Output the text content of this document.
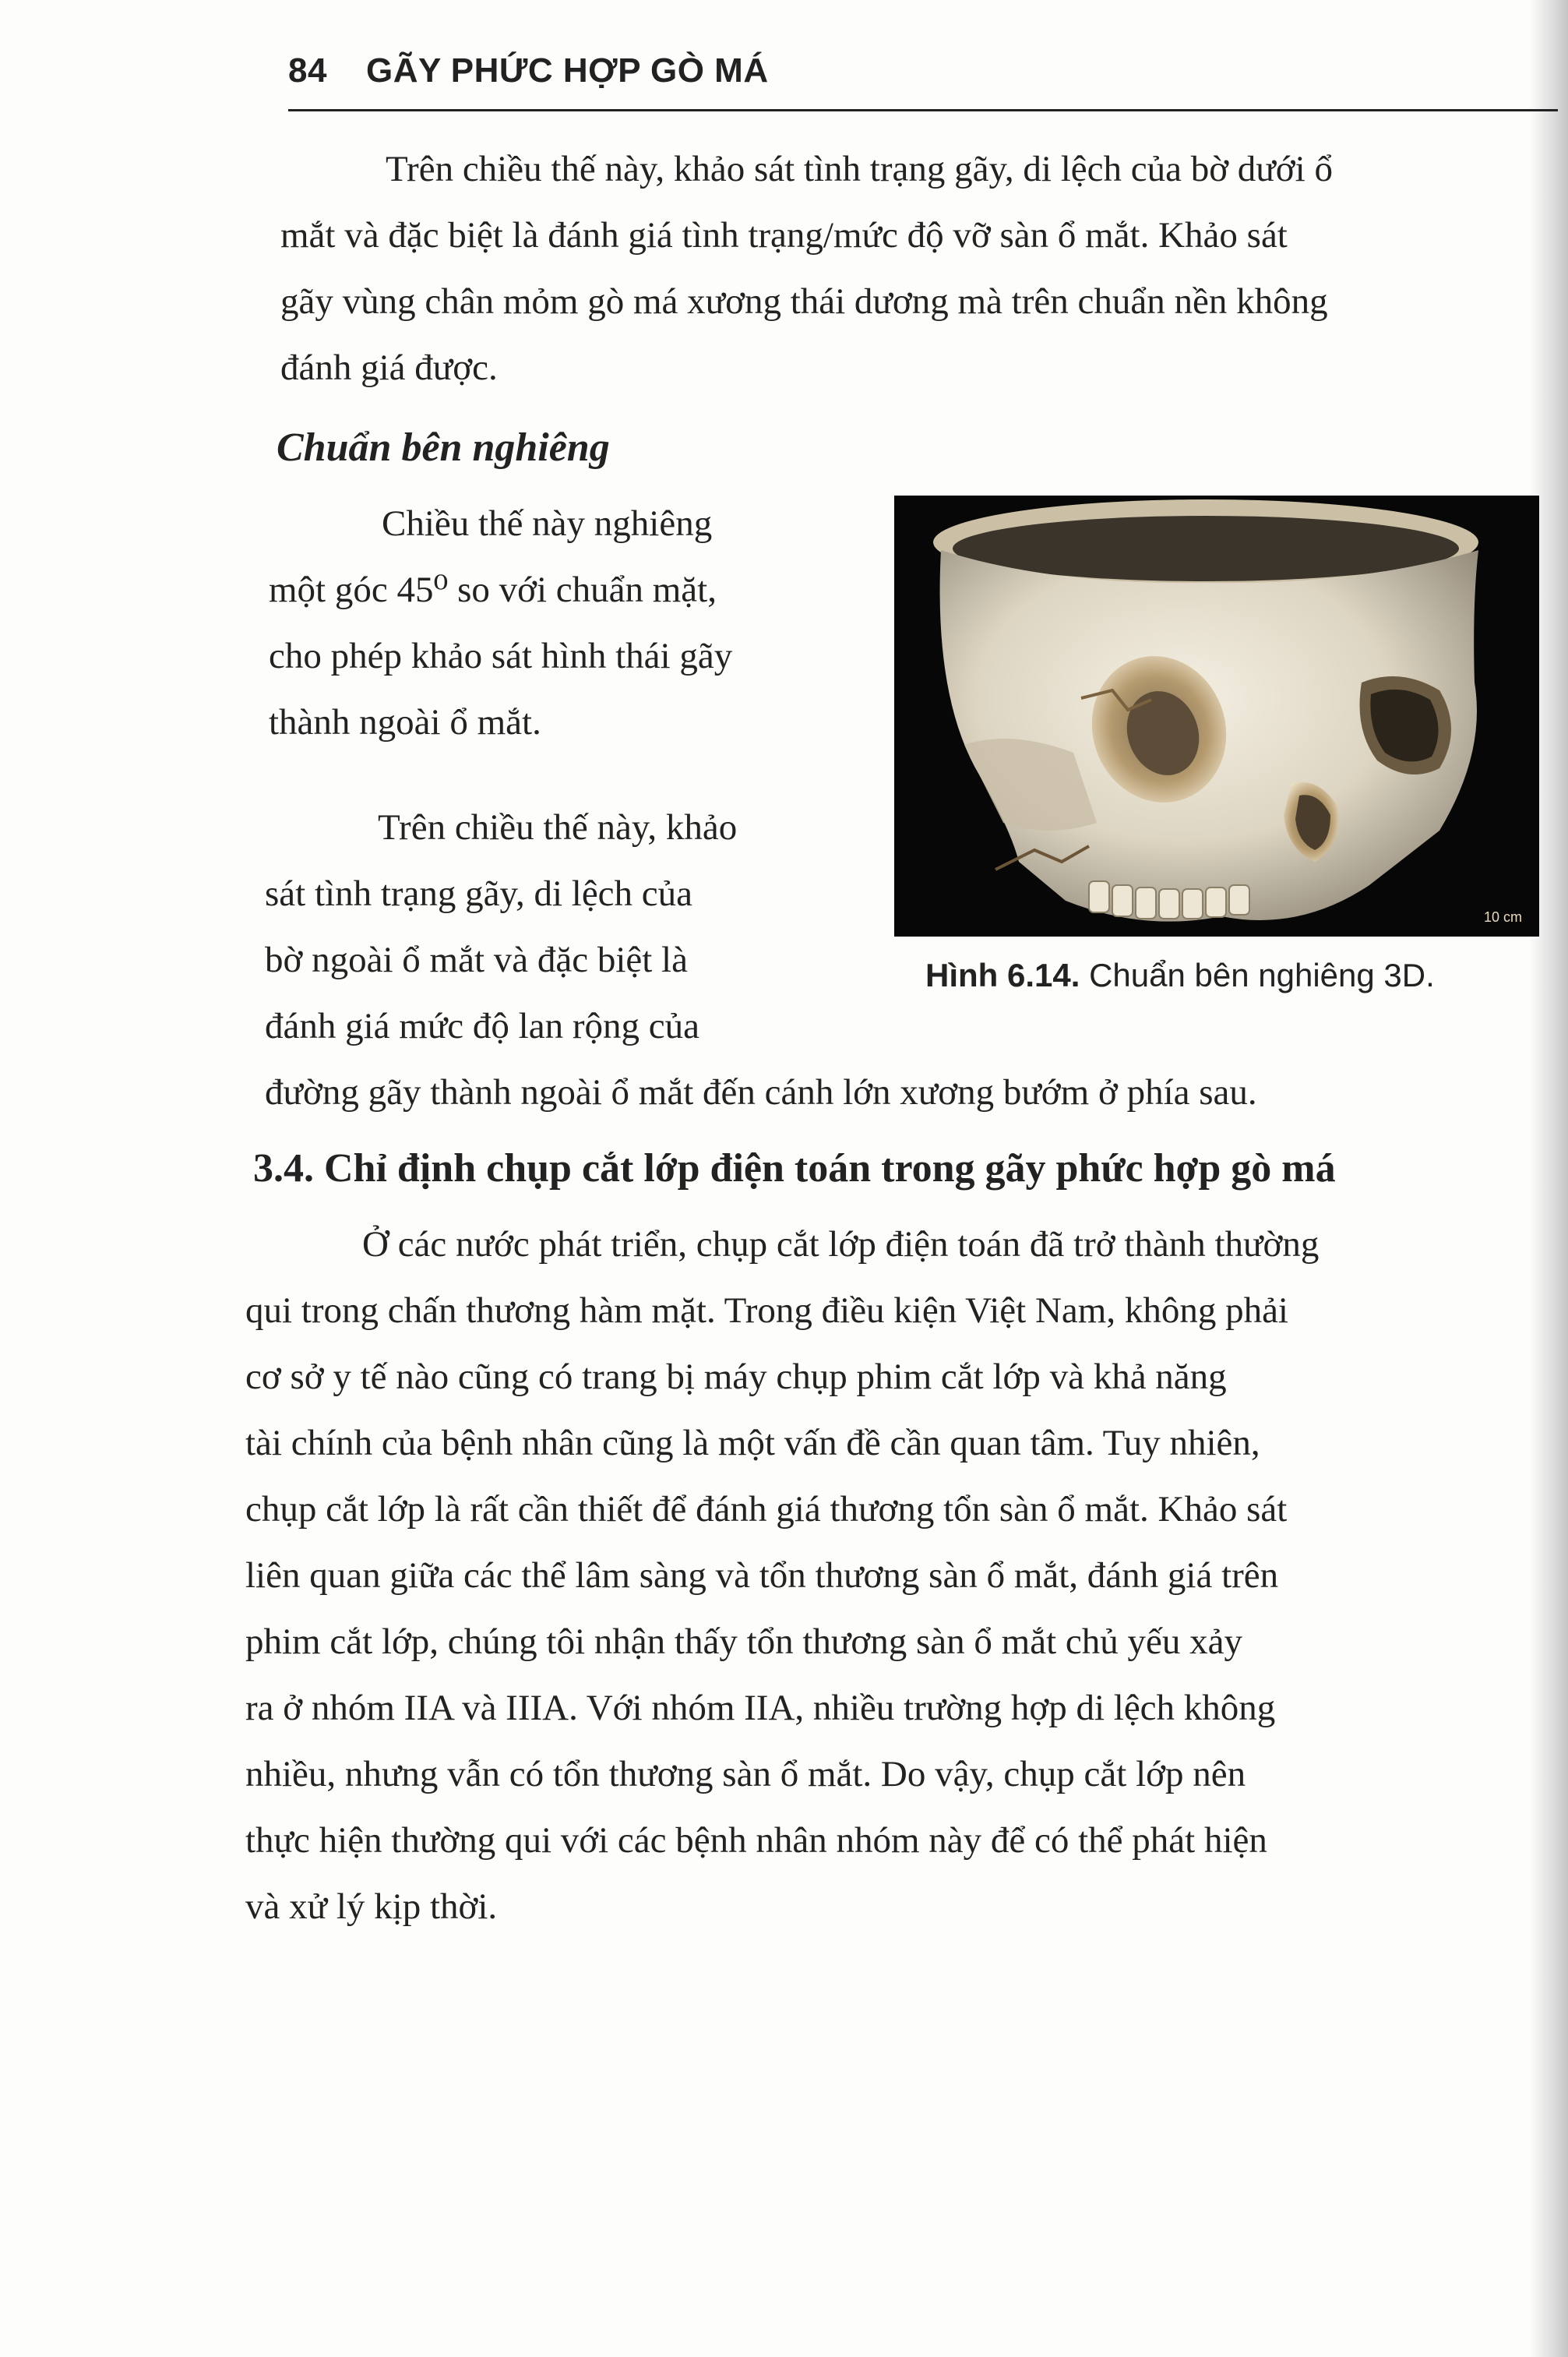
84 GÃY PHỨC HỢP GÒ MÁ

Trên chiều thế này, khảo sát tình trạng gãy, di lệch của bờ dưới ổ
mắt và đặc biệt là đánh giá tình trạng/mức độ vỡ sàn ổ mắt. Khảo sát
gãy vùng chân mỏm gò má xương thái dương mà trên chuẩn nền không
đánh giá được.

Chuẩn bên nghiêng

Chiều thế này nghiêng
một góc 45⁰ so với chuẩn mặt,
cho phép khảo sát hình thái gãy
thành ngoài ổ mắt.

Trên chiều thế này, khảo
sát tình trạng gãy, di lệch của
bờ ngoài ổ mắt và đặc biệt là
đánh giá mức độ lan rộng của
đường gãy thành ngoài ổ mắt đến cánh lớn xương bướm ở phía sau.

10 cm

Hình 6.14. Chuẩn bên nghiêng 3D.

3.4. Chỉ định chụp cắt lớp điện toán trong gãy phức hợp gò má

Ở các nước phát triển, chụp cắt lớp điện toán đã trở thành thường
qui trong chấn thương hàm mặt. Trong điều kiện Việt Nam, không phải
cơ sở y tế nào cũng có trang bị máy chụp phim cắt lớp và khả năng
tài chính của bệnh nhân cũng là một vấn đề cần quan tâm. Tuy nhiên,
chụp cắt lớp là rất cần thiết để đánh giá thương tổn sàn ổ mắt. Khảo sát
liên quan giữa các thể lâm sàng và tổn thương sàn ổ mắt, đánh giá trên
phim cắt lớp, chúng tôi nhận thấy tổn thương sàn ổ mắt chủ yếu xảy
ra ở nhóm IIA và IIIA. Với nhóm IIA, nhiều trường hợp di lệch không
nhiều, nhưng vẫn có tổn thương sàn ổ mắt. Do vậy, chụp cắt lớp nên
thực hiện thường qui với các bệnh nhân nhóm này để có thể phát hiện
và xử lý kịp thời.
